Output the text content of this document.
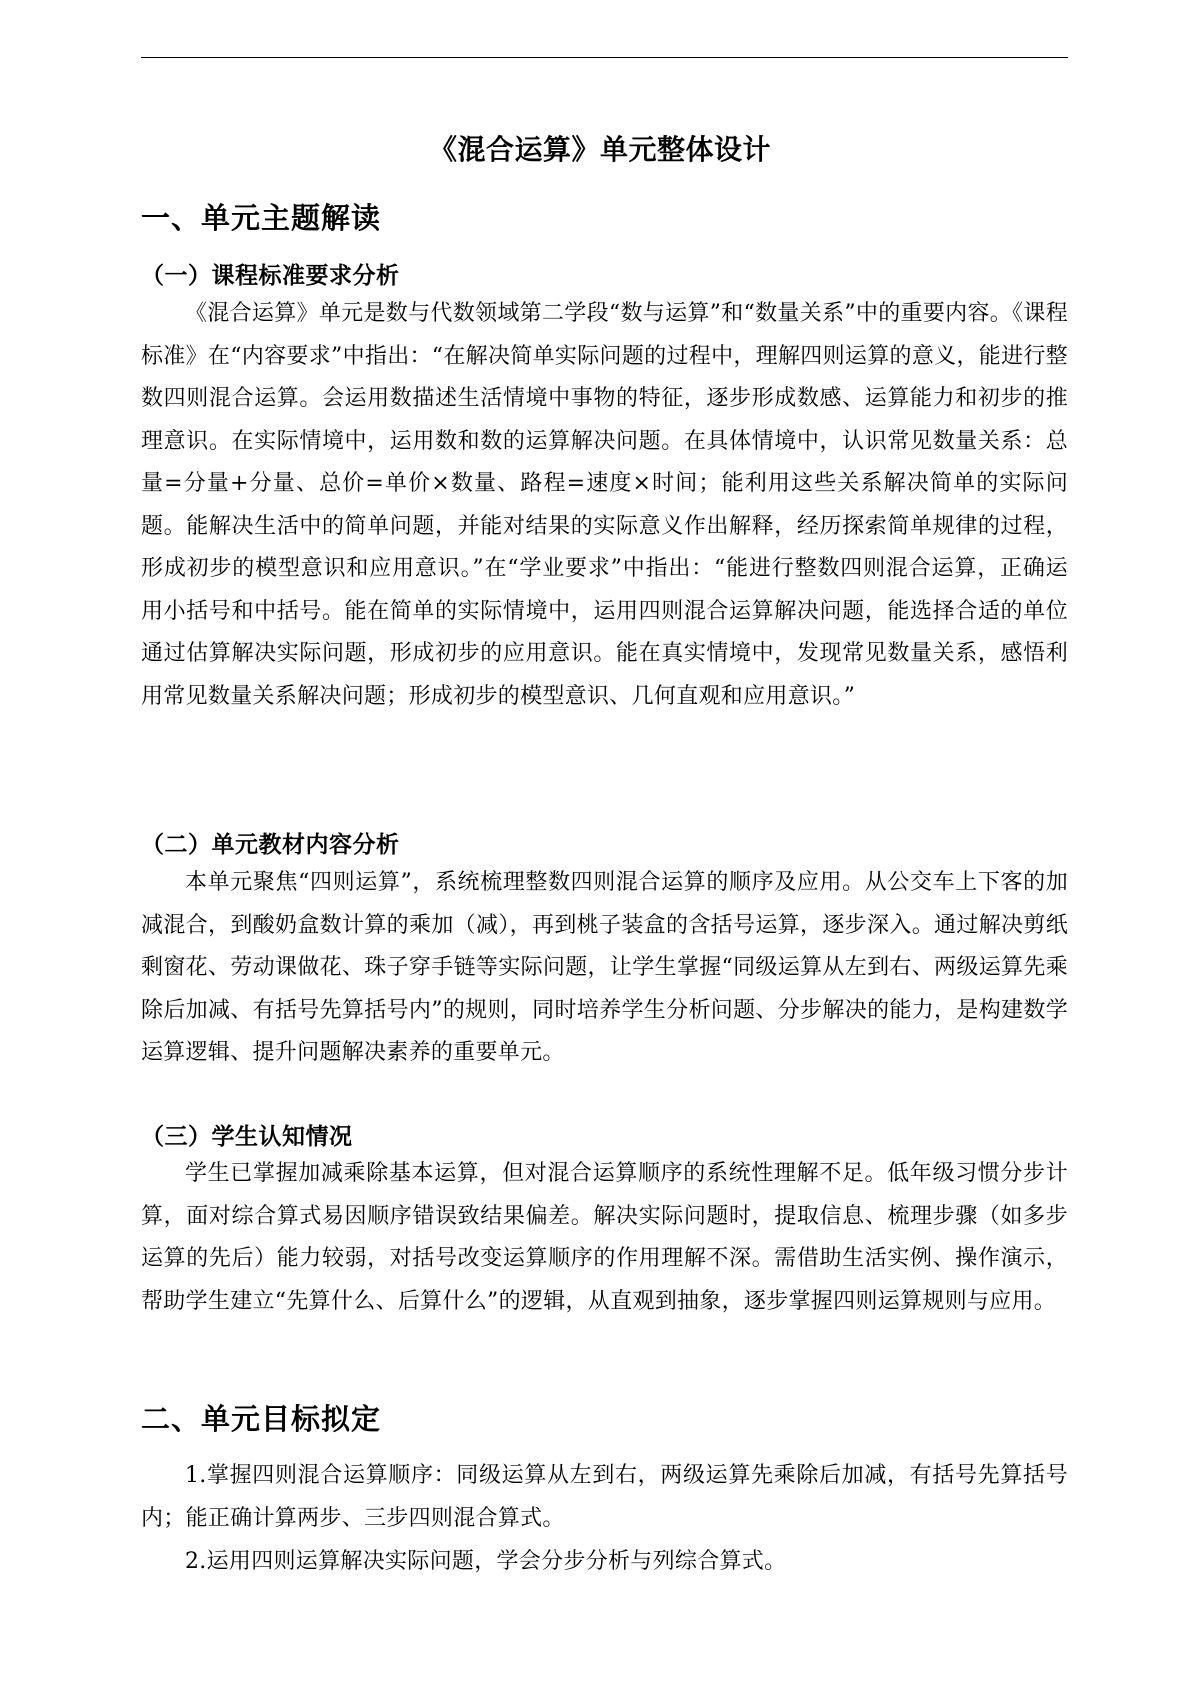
《混合运算》单元整体设计
一、单元主题解读
（一）课程标准要求分析

《混合运算》单元是数与代数领域第二学段“数与运算”和“数量关系”中的重要内容。《课程标准》在“内容要求”中指出：“在解决简单实际问题的过程中，理解四则运算的意义，能进行整数四则混合运算。会运用数描述生活情境中事物的特征，逐步形成数感、运算能力和初步的推理意识。在实际情境中，运用数和数的运算解决问题。在具体情境中，认识常见数量关系：总量=分量+分量、总价=单价×数量、路程=速度×时间；能利用这些关系解决简单的实际问题。能解决生活中的简单问题，并能对结果的实际意义作出解释，经历探索简单规律的过程，形成初步的模型意识和应用意识。”在“学业要求”中指出：“能进行整数四则混合运算，正确运用小括号和中括号。能在简单的实际情境中，运用四则混合运算解决问题，能选择合适的单位通过估算解决实际问题，形成初步的应用意识。能在真实情境中，发现常见数量关系，感悟利用常见数量关系解决问题；形成初步的模型意识、几何直观和应用意识。”

（二）单元教材内容分析

本单元聚焦“四则运算”，系统梳理整数四则混合运算的顺序及应用。从公交车上下客的加减混合，到酸奶盒数计算的乘加（减），再到桃子装盒的含括号运算，逐步深入。通过解决剪纸剩窗花、劳动课做花、珠子穿手链等实际问题，让学生掌握“同级运算从左到右、两级运算先乘除后加减、有括号先算括号内”的规则，同时培养学生分析问题、分步解决的能力，是构建数学运算逻辑、提升问题解决素养的重要单元。

（三）学生认知情况

学生已掌握加减乘除基本运算，但对混合运算顺序的系统性理解不足。低年级习惯分步计算，面对综合算式易因顺序错误致结果偏差。解决实际问题时，提取信息、梳理步骤（如多步运算的先后）能力较弱，对括号改变运算顺序的作用理解不深。需借助生活实例、操作演示，帮助学生建立“先算什么、后算什么”的逻辑，从直观到抽象，逐步掌握四则运算规则与应用。

二、单元目标拟定

1.掌握四则混合运算顺序：同级运算从左到右，两级运算先乘除后加减，有括号先算括号内；能正确计算两步、三步四则混合算式。

2.运用四则运算解决实际问题，学会分步分析与列综合算式。
